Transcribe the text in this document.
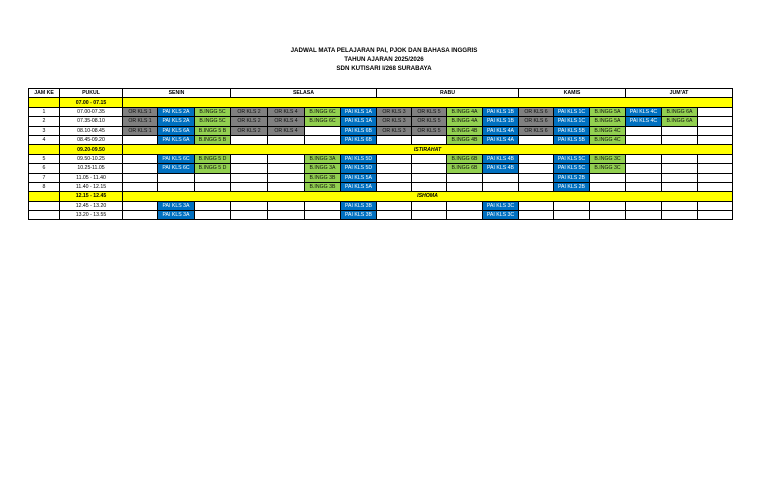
JADWAL MATA PELAJARAN PAI, PJOK DAN BAHASA INGGRIS
TAHUN AJARAN 2025/2026
SDN KUTISARI I/268 SURABAYA
JAM KE	PUKUL	SENIN			SELASA				RABU				KAMIS			JUM'AT		
	07.00 - 07.15																	
1	07.00-07.35	OR KLS 1	PAI KLS 2A	B.INGG 5C	OR KLS 2	OR KLS 4	B.INGG 6C	PAI KLS 1A	OR KLS 3	OR KLS 5	B.INGG 4A	PAI KLS 1B	OR KLS 6	PAI KLS 1C	B.INGG 5A	PAI KLS 4C	B.INGG 6A	
2	07.35-08.10	OR KLS 1	PAI KLS 2A	B.INGG 5C	OR KLS 2	OR KLS 4	B.INGG 6C	PAI KLS 1A	OR KLS 3	OR KLS 5	B.INGG 4A	PAI KLS 1B	OR KLS 6	PAI KLS 1C	B.INGG 5A	PAI KLS 4C	B.INGG 6A	
3	08.10-08.45	OR KLS 1	PAI KLS 6A	B.INGG 5 B	OR KLS 2	OR KLS 4		PAI KLS 6B	OR KLS 3	OR KLS 5	B.INGG 4B	PAI KLS 4A	OR KLS 6	PAI KLS 5B	B.INGG 4C			
4	08.45-09.20		PAI KLS 6A	B.INGG 5 B				PAI KLS 6B			B.INGG 4B	PAI KLS 4A		PAI KLS 5B	B.INGG 4C			
	09.20-09.50	ISTIRAHAT																
5	09.50-10.25		PAI KLS 6C	B.INGG 5 D			B.INGG 3A	PAI KLS 5D			B.INGG 6B	PAI KLS 4B		PAI KLS 5C	B.INGG 3C			
6	10.25-11.05		PAI KLS 6C	B.INGG 5 D			B.INGG 3A	PAI KLS 5D			B.INGG 6B	PAI KLS 4B		PAI KLS 5C	B.INGG 3C			
7	11.05 - 11.40						B.INGG 3B	PAI KLS 5A						PAI KLS 2B				
8	11.40 - 12.15						B.INGG 3B	PAI KLS 5A						PAI KLS 2B				
	12.15 - 12.45	ISHOMA																
	12.45 - 13.20		PAI KLS 3A					PAI KLS 3B				PAI KLS 3C						
	13.20 - 13.55		PAI KLS 3A					PAI KLS 3B				PAI KLS 3C						
